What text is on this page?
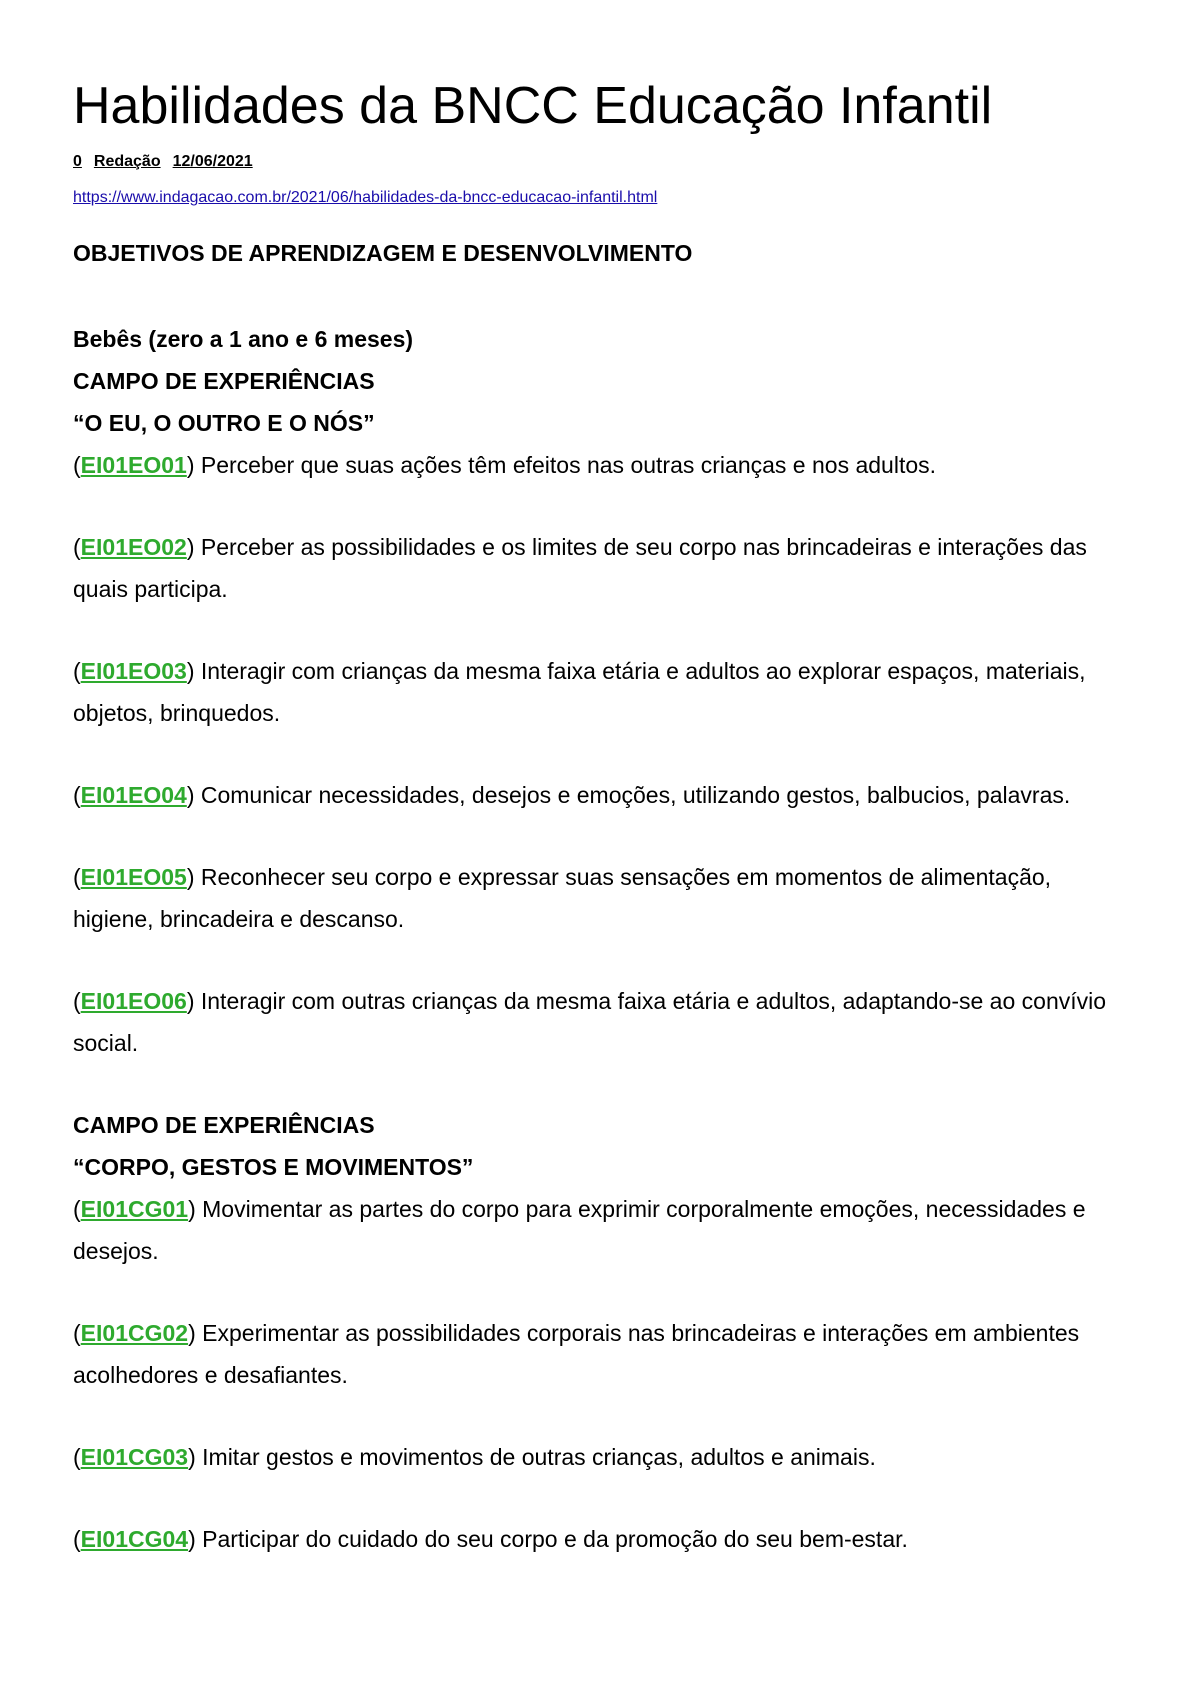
Habilidades da BNCC Educação Infantil
0 Redação 12/06/2021
https://www.indagacao.com.br/2021/06/habilidades-da-bncc-educacao-infantil.html
OBJETIVOS DE APRENDIZAGEM E DESENVOLVIMENTO
Bebês (zero a 1 ano e 6 meses)
CAMPO DE EXPERIÊNCIAS
“O EU, O OUTRO E O NÓS”

(EI01EO01) Perceber que suas ações têm efeitos nas outras crianças e nos adultos.

(EI01EO02) Perceber as possibilidades e os limites de seu corpo nas brincadeiras e interações das quais participa.

(EI01EO03) Interagir com crianças da mesma faixa etária e adultos ao explorar espaços, materiais, objetos, brinquedos.

(EI01EO04) Comunicar necessidades, desejos e emoções, utilizando gestos, balbucios, palavras.

(EI01EO05) Reconhecer seu corpo e expressar suas sensações em momentos de alimentação, higiene, brincadeira e descanso.

(EI01EO06) Interagir com outras crianças da mesma faixa etária e adultos, adaptando-se ao convívio social.

CAMPO DE EXPERIÊNCIAS
“CORPO, GESTOS E MOVIMENTOS”

(EI01CG01) Movimentar as partes do corpo para exprimir corporalmente emoções, necessidades e desejos.

(EI01CG02) Experimentar as possibilidades corporais nas brincadeiras e interações em ambientes acolhedores e desafiantes.

(EI01CG03) Imitar gestos e movimentos de outras crianças, adultos e animais.

(EI01CG04) Participar do cuidado do seu corpo e da promoção do seu bem-estar.
